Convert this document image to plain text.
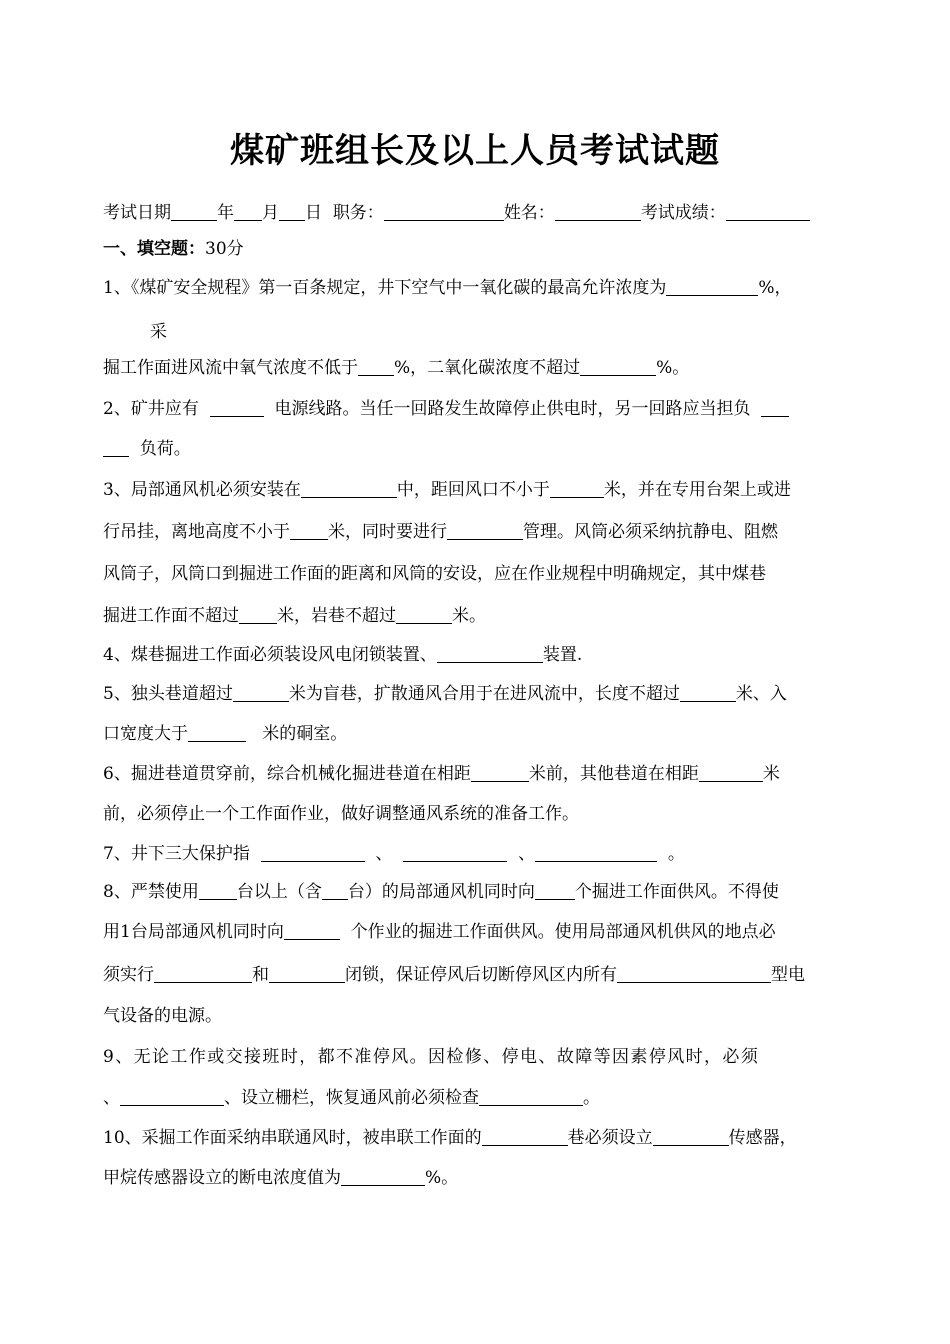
煤矿班组长及以上人员考试试题
考试日期	年 月 日 职务：	姓名：	考试成绩：
一、填空题：30分
1、《煤矿安全规程》第一百条规定，井下空气中一氧化碳的最高允许浓度为	%，
采
掘工作面进风流中氧气浓度不低于 %，二氧化碳浓度不超过	%。
2、矿井应有	电源线路。当任一回路发生故障停止供电时，另一回路应当担负
负荷。
3、局部通风机必须安装在	中，距回风口不小于	米，并在专用台架上或进
行吊挂，离地高度不小于 米，同时要进行	管理。风筒必须采纳抗静电、阻燃
风筒子，风筒口到掘进工作面的距离和风筒的安设，应在作业规程中明确规定，其中煤巷
掘进工作面不超过 米，岩巷不超过	米。
4、煤巷掘进工作面必须装设风电闭锁装置、	装置.
5、独头巷道超过	米为盲巷，扩散通风合用于在进风流中，长度不超过	米、入
口宽度大于	米的硐室。
6、掘进巷道贯穿前，综合机械化掘进巷道在相距	米前，其他巷道在相距	米
前，必须停止一个工作面作业，做好调整通风系统的准备工作。
7、井下三大保护指	、	、	。
8、严禁使用 台以上（含 台）的局部通风机同时向 个掘进工作面供风。不得使
用1台局部通风机同时向	个作业的掘进工作面供风。使用局部通风机供风的地点必
须实行	和	闭锁，保证停风后切断停风区内所有	型电
气设备的电源。
9、无论工作或交接班时，都不准停风。因检修、停电、故障等因素停风时，必须
、	、设立栅栏，恢复通风前必须检查	。
10、采掘工作面采纳串联通风时，被串联工作面的	巷必须设立	传感器，
甲烷传感器设立的断电浓度值为	%。
